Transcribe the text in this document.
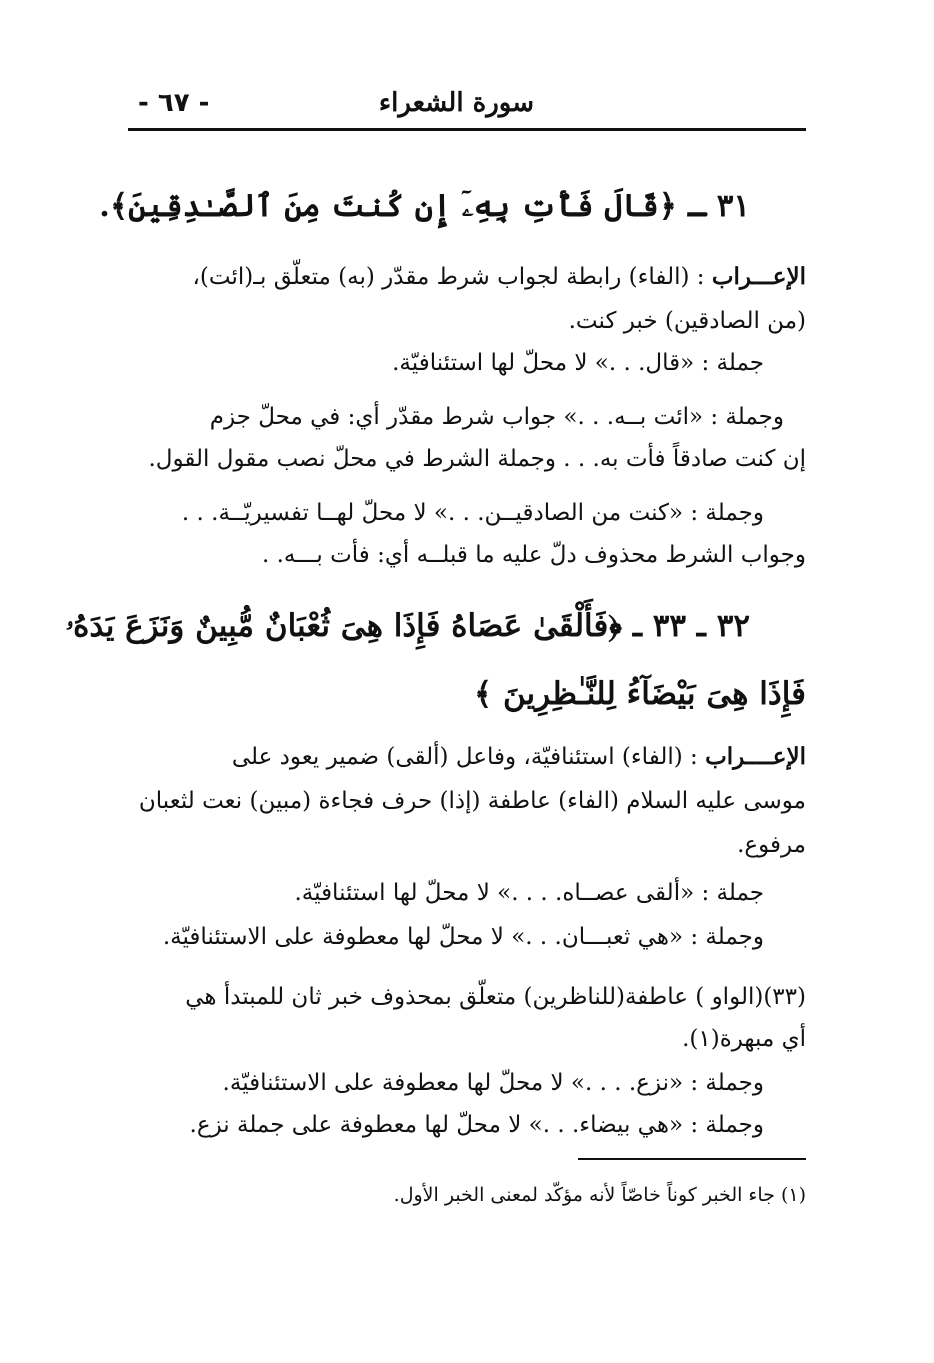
- ٦٧ -	سورة الشعراء
٣١ ـ ﴿قَالَ فَأْتِ بِهِۦٓ إِن كُنتَ مِنَ ٱلصَّـٰدِقِينَ﴾.
الإعـــراب : (الفاء) رابطة لجواب شرط مقدّر (به) متعلّق بـ(ائت)،
(من الصادقين) خبر كنت.
جملة : «قال. . .» لا محلّ لها استئنافيّة.
وجملة : «ائت بــه. . .» جواب شرط مقدّر أي: في محلّ جزم
إن كنت صادقاً فأت به. . . وجملة الشرط في محلّ نصب مقول القول.
وجملة : «كنت من الصادقيــن. . .» لا محلّ لهــا تفسيريّــة. . .
وجواب الشرط محذوف دلّ عليه ما قبلــه أي: فأت بـــه. .
٣٢ ـ ٣٣ ـ ﴿فَأَلْقَىٰ عَصَاهُ فَإِذَا هِىَ ثُعْبَانٌ مُّبِينٌ وَنَزَعَ يَدَهُۥ
فَإِذَا هِىَ بَيْضَآءُ لِلنَّـٰظِرِينَ ﴾
الإعــــراب : (الفاء) استئنافيّة، وفاعل (ألقى) ضمير يعود على
موسى عليه السلام (الفاء) عاطفة (إذا) حرف فجاءة (مبين) نعت لثعبان
مرفوع.
جملة : «ألقى عصــاه. . . .» لا محلّ لها استئنافيّة.
وجملة : «هي ثعبـــان. . .» لا محلّ لها معطوفة على الاستئنافيّة.
(٣٣)(الواو ) عاطفة(للناظرين) متعلّق بمحذوف خبر ثان للمبتدأ هي
أي مبهرة(١).
وجملة : «نزع. . . .» لا محلّ لها معطوفة على الاستئنافيّة.
وجملة : «هي بيضاء. . .» لا محلّ لها معطوفة على جملة نزع.
(١) جاء الخبر كوناً خاصّاً لأنه مؤكّد لمعنى الخبر الأول.
